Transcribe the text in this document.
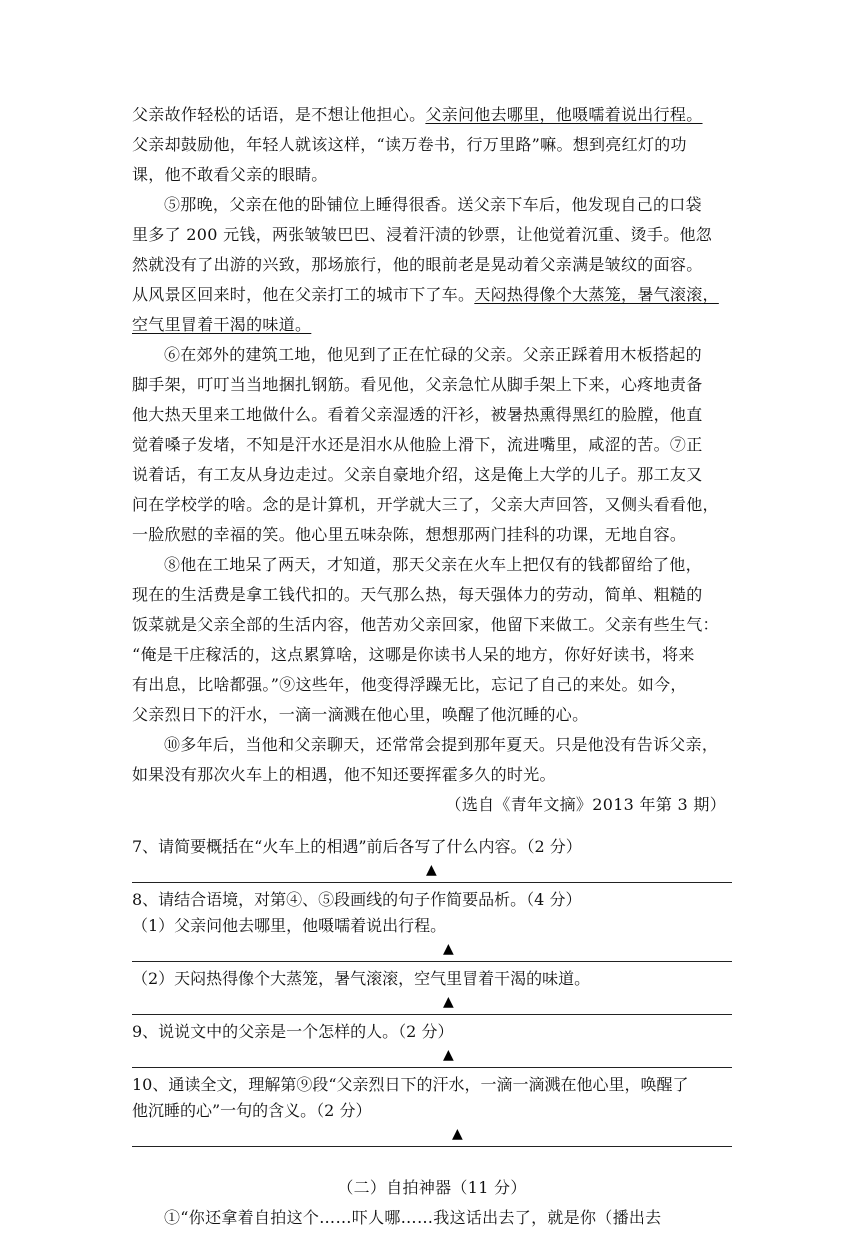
父亲故作轻松的话语，是不想让他担心。父亲问他去哪里，他嗫嚅着说出行程。
父亲却鼓励他，年轻人就该这样，“读万卷书，行万里路”嘛。想到亮红灯的功
课，他不敢看父亲的眼睛。
⑤那晚，父亲在他的卧铺位上睡得很香。送父亲下车后，他发现自己的口袋
里多了 200 元钱，两张皱皱巴巴、浸着汗渍的钞票，让他觉着沉重、烫手。他忽
然就没有了出游的兴致，那场旅行，他的眼前老是晃动着父亲满是皱纹的面容。
从风景区回来时，他在父亲打工的城市下了车。天闷热得像个大蒸笼，暑气滚滚，
空气里冒着干渴的味道。
⑥在郊外的建筑工地，他见到了正在忙碌的父亲。父亲正踩着用木板搭起的
脚手架，叮叮当当地捆扎钢筋。看见他，父亲急忙从脚手架上下来，心疼地责备
他大热天里来工地做什么。看着父亲湿透的汗衫，被暑热熏得黑红的脸膛，他直
觉着嗓子发堵，不知是汗水还是泪水从他脸上滑下，流进嘴里，咸涩的苦。⑦正
说着话，有工友从身边走过。父亲自豪地介绍，这是俺上大学的儿子。那工友又
问在学校学的啥。念的是计算机，开学就大三了，父亲大声回答，又侧头看看他，
一脸欣慰的幸福的笑。他心里五味杂陈，想想那两门挂科的功课，无地自容。
⑧他在工地呆了两天，才知道，那天父亲在火车上把仅有的钱都留给了他，
现在的生活费是拿工钱代扣的。天气那么热，每天强体力的劳动，简单、粗糙的
饭菜就是父亲全部的生活内容，他苦劝父亲回家，他留下来做工。父亲有些生气：
“俺是干庄稼活的，这点累算啥，这哪是你读书人呆的地方，你好好读书，将来
有出息，比啥都强。”⑨这些年，他变得浮躁无比，忘记了自己的来处。如今，
父亲烈日下的汗水，一滴一滴溅在他心里，唤醒了他沉睡的心。
⑩多年后，当他和父亲聊天，还常常会提到那年夏天。只是他没有告诉父亲，
如果没有那次火车上的相遇，他不知还要挥霍多久的时光。
（选自《青年文摘》2013 年第 3 期）
7、请简要概括在“火车上的相遇”前后各写了什么内容。（2 分）
▲
8、请结合语境，对第④、⑤段画线的句子作简要品析。（4 分）
（1）父亲问他去哪里，他嗫嚅着说出行程。
▲
（2）天闷热得像个大蒸笼，暑气滚滚，空气里冒着干渴的味道。
▲
9、说说文中的父亲是一个怎样的人。（2 分）
▲
10、通读全文，理解第⑨段“父亲烈日下的汗水，一滴一滴溅在他心里，唤醒了
他沉睡的心”一句的含义。（2 分）
▲
（二）自拍神器（11 分）
①“你还拿着自拍这个……吓人哪……我这话出去了，就是你（播出去
